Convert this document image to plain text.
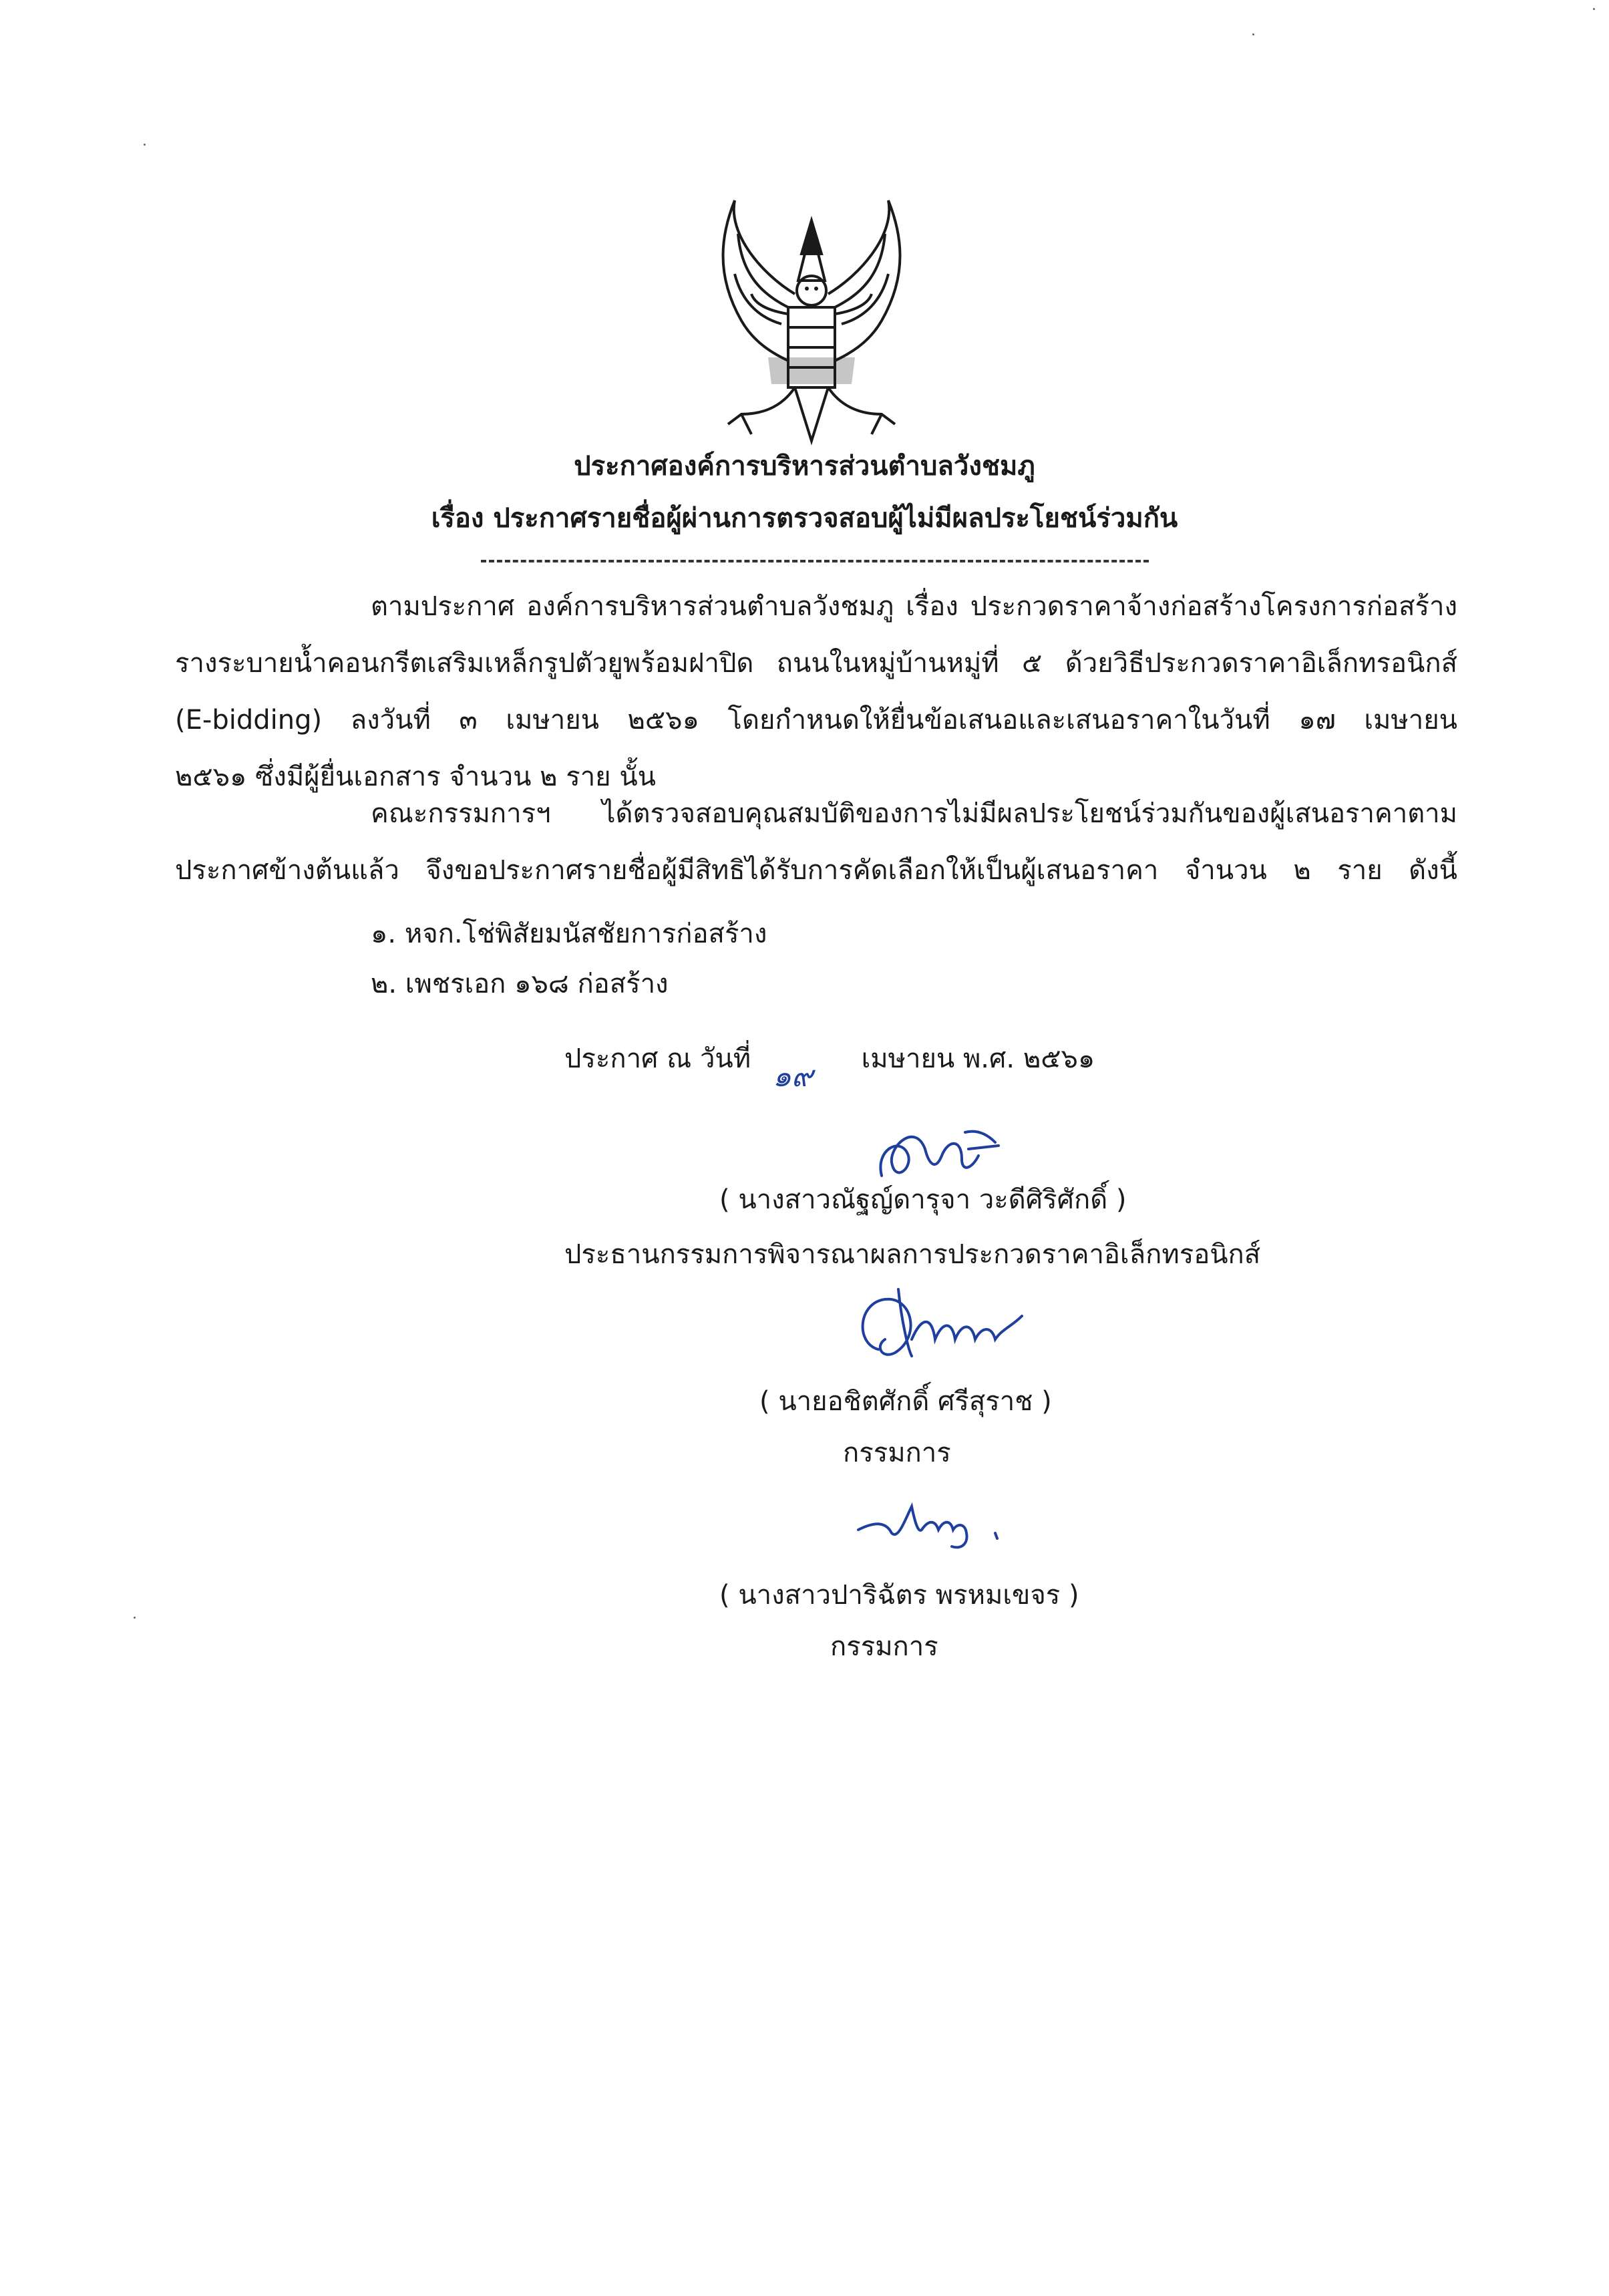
ประกาศองค์การบริหารส่วนตำบลวังชมภู
เรื่อง ประกาศรายชื่อผู้ผ่านการตรวจสอบผู้ไม่มีผลประโยชน์ร่วมกัน
ตามประกาศ องค์การบริหารส่วนตำบลวังชมภู เรื่อง ประกวดราคาจ้างก่อสร้างโครงการก่อสร้าง
รางระบายน้ำคอนกรีตเสริมเหล็กรูปตัวยูพร้อมฝาปิด ถนนในหมู่บ้านหมู่ที่ ๕ ด้วยวิธีประกวดราคาอิเล็กทรอนิกส์
(E-bidding) ลงวันที่ ๓ เมษายน ๒๕๖๑ โดยกำหนดให้ยื่นข้อเสนอและเสนอราคาในวันที่ ๑๗ เมษายน
๒๕๖๑ ซึ่งมีผู้ยื่นเอกสาร จำนวน ๒ ราย นั้น
คณะกรรมการฯ ได้ตรวจสอบคุณสมบัติของการไม่มีผลประโยชน์ร่วมกันของผู้เสนอราคาตาม
ประกาศข้างต้นแล้ว จึงขอประกาศรายชื่อผู้มีสิทธิได้รับการคัดเลือกให้เป็นผู้เสนอราคา จำนวน ๒ ราย ดังนี้
๑. หจก.โช่พิสัยมนัสชัยการก่อสร้าง
๒. เพชรเอก ๑๖๘ ก่อสร้าง
ประกาศ ณ วันที่
๑๙
เมษายน พ.ศ. ๒๕๖๑
( นางสาวณัฐญ์ดารุจา วะดีศิริศักดิ์ )
ประธานกรรมการพิจารณาผลการประกวดราคาอิเล็กทรอนิกส์
( นายอชิตศักดิ์ ศรีสุราช )
กรรมการ
( นางสาวปาริฉัตร พรหมเขจร )
กรรมการ
